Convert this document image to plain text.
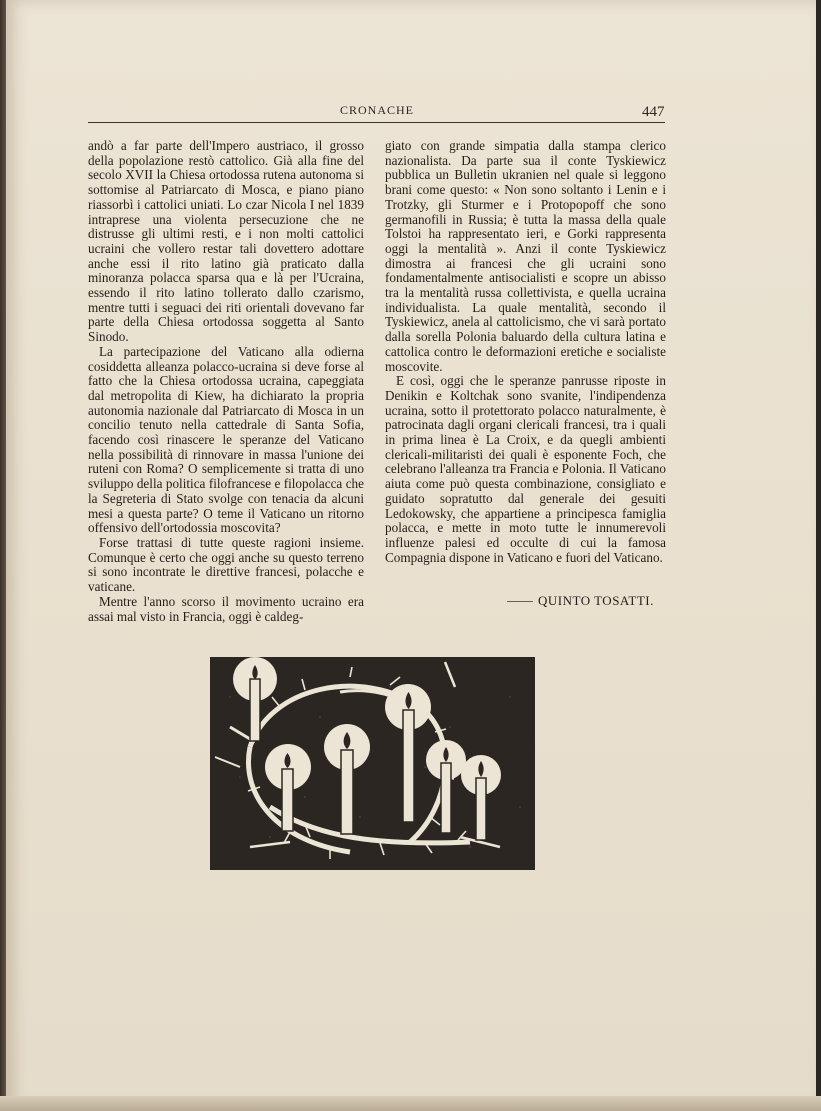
CRONACHE	447

andò a far parte dell'Impero austriaco, il grosso della popolazione restò cattolico. Già alla fine del secolo XVII la Chiesa ortodossa rutena autonoma si sottomise al Patriarcato di Mosca, e piano piano riassorbì i cattolici uniati. Lo czar Nicola I nel 1839 intraprese una violenta persecuzione che ne distrusse gli ultimi resti, e i non molti cattolici ucraini che vollero restar tali dovettero adottare anche essi il rito latino già praticato dalla minoranza polacca sparsa qua e là per l'Ucraina, essendo il rito latino tollerato dallo czarismo, mentre tutti i seguaci dei riti orientali dovevano far parte della Chiesa ortodossa soggetta al Santo Sinodo.

La partecipazione del Vaticano alla odierna cosiddetta alleanza polacco-ucraina si deve forse al fatto che la Chiesa ortodossa ucraina, capeggiata dal metropolita di Kiew, ha dichiarato la propria autonomia nazionale dal Patriarcato di Mosca in un concilio tenuto nella cattedrale di Santa Sofia, facendo così rinascere le speranze del Vaticano nella possibilità di rinnovare in massa l'unione dei ruteni con Roma? O semplicemente si tratta di uno sviluppo della politica filofrancese e filopolacca che la Segreteria di Stato svolge con tenacia da alcuni mesi a questa parte? O teme il Vaticano un ritorno offensivo dell'ortodossia moscovita?

Forse trattasi di tutte queste ragioni insieme. Comunque è certo che oggi anche su questo terreno si sono incontrate le direttive francesi, polacche e vaticane.

Mentre l'anno scorso il movimento ucraino era assai mal visto in Francia, oggi è caldeg-

giato con grande simpatia dalla stampa clerico nazionalista. Da parte sua il conte Tyskiewicz pubblica un Bulletin ukranien nel quale si leggono brani come questo: « Non sono soltanto i Lenin e i Trotzky, gli Sturmer e i Protopopoff che sono germanofili in Russia; è tutta la massa della quale Tolstoi ha rappresentato ieri, e Gorki rappresenta oggi la mentalità ». Anzi il conte Tyskiewicz dimostra ai francesi che gli ucraini sono fondamentalmente antisocialisti e scopre un abisso tra la mentalità russa collettivista, e quella ucraina individualista. La quale mentalità, secondo il Tyskiewicz, anela al cattolicismo, che vi sarà portato dalla sorella Polonia baluardo della cultura latina e cattolica contro le deformazioni eretiche e socialiste moscovite.

E così, oggi che le speranze panrusse riposte in Denikin e Koltchak sono svanite, l'indipendenza ucraina, sotto il protettorato polacco naturalmente, è patrocinata dagli organi clericali francesi, tra i quali in prima linea è La Croix, e da quegli ambienti clericali-militaristi dei quali è esponente Foch, che celebrano l'alleanza tra Francia e Polonia. Il Vaticano aiuta come può questa combinazione, consigliato e guidato sopratutto dal generale dei gesuiti Ledokowsky, che appartiene a principesca famiglia polacca, e mette in moto tutte le innumerevoli influenze palesi ed occulte di cui la famosa Compagnia dispone in Vaticano e fuori del Vaticano.

QUINTO TOSATTI.
